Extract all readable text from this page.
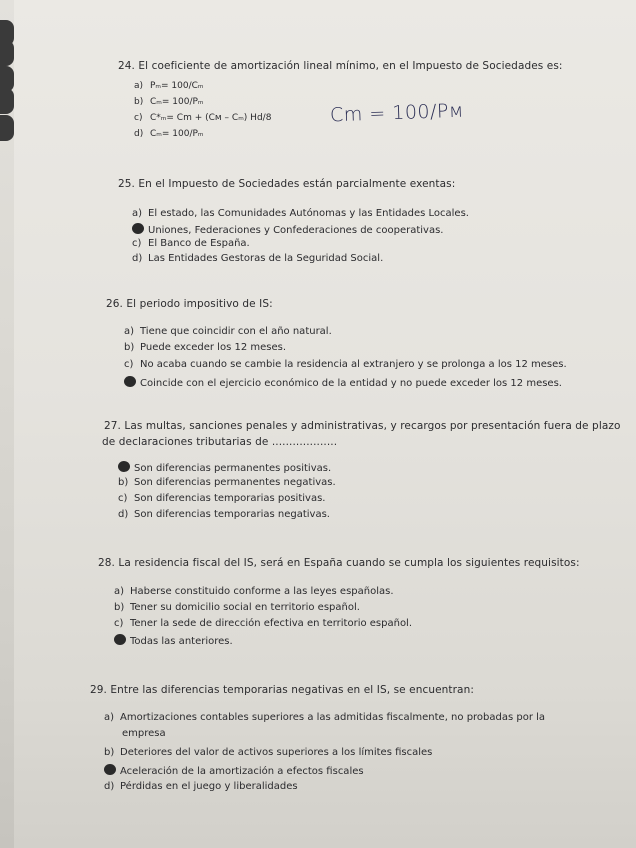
24. El coeficiente de amortización lineal mínimo, en el Impuesto de Sociedades es:
a) Pₘ= 100/Cₘ
b) Cₘ= 100/Pₘ
c) C*ₘ= Cm + (Cᴍ – Cₘ) Hd/8
d) Cₘ= 100/Pₘ
Cm = 100/Pᴍ
25. En el Impuesto de Sociedades están parcialmente exentas:
a) El estado, las Comunidades Autónomas y las Entidades Locales.
Uniones, Federaciones y Confederaciones de cooperativas.
c) El Banco de España.
d) Las Entidades Gestoras de la Seguridad Social.
26. El periodo impositivo de IS:
a) Tiene que coincidir con el año natural.
b) Puede exceder los 12 meses.
c) No acaba cuando se cambie la residencia al extranjero y se prolonga a los 12 meses.
Coincide con el ejercicio económico de la entidad y no puede exceder los 12 meses.
27. Las multas, sanciones penales y administrativas, y recargos por presentación fuera de plazo
de declaraciones tributarias de ...................
Son diferencias permanentes positivas.
b) Son diferencias permanentes negativas.
c) Son diferencias temporarias positivas.
d) Son diferencias temporarias negativas.
28. La residencia fiscal del IS, será en España cuando se cumpla los siguientes requisitos:
a) Haberse constituido conforme a las leyes españolas.
b) Tener su domicilio social en territorio español.
c) Tener la sede de dirección efectiva en territorio español.
Todas las anteriores.
29. Entre las diferencias temporarias negativas en el IS, se encuentran:
a) Amortizaciones contables superiores a las admitidas fiscalmente, no probadas por la
empresa
b) Deteriores del valor de activos superiores a los límites fiscales
Aceleración de la amortización a efectos fiscales
d) Pérdidas en el juego y liberalidades
